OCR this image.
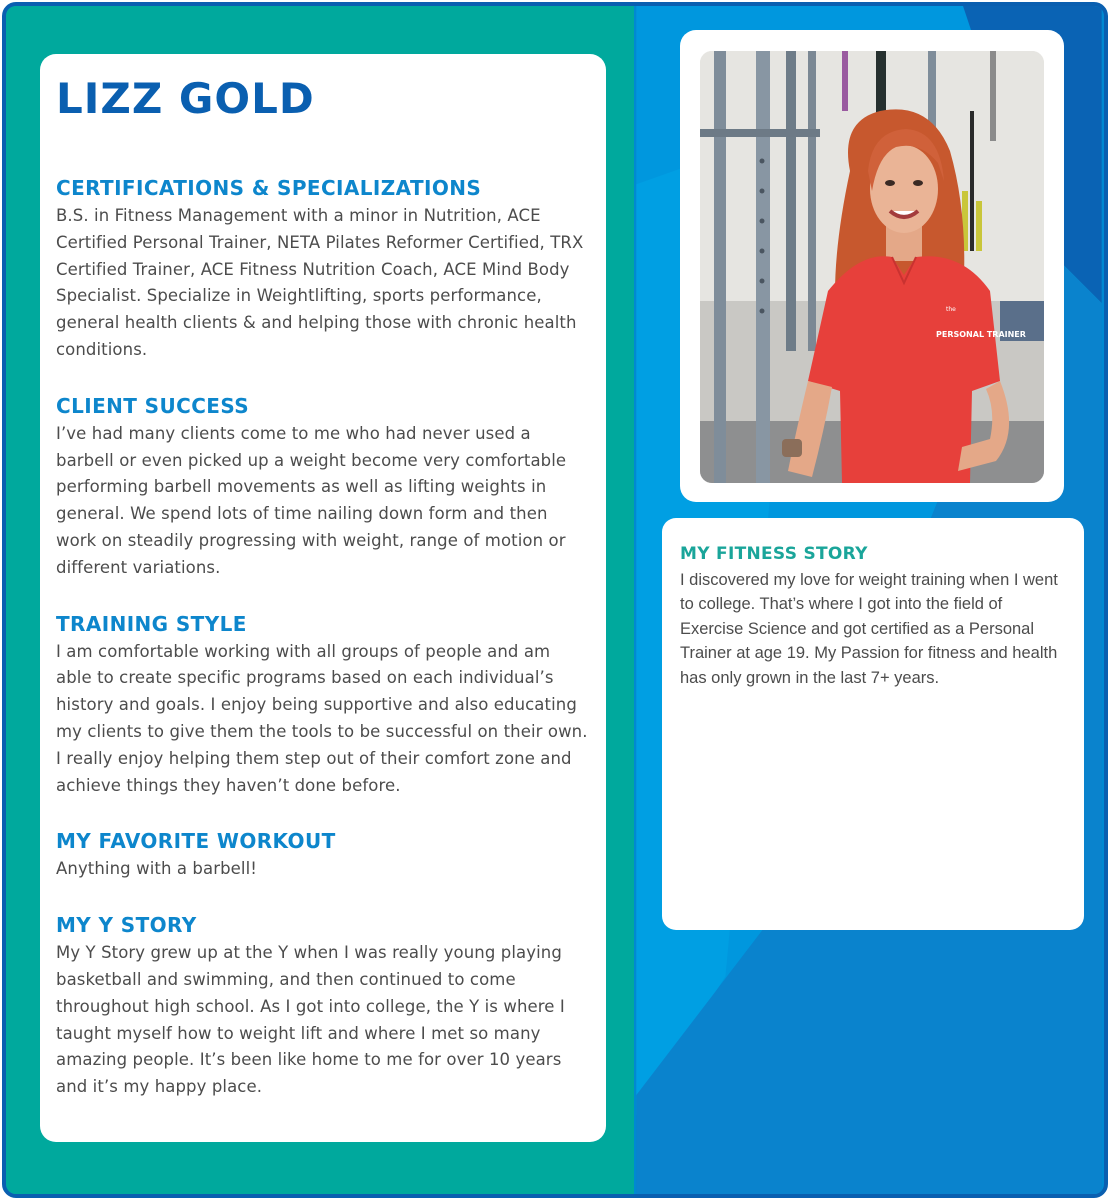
LIZZ GOLD
CERTIFICATIONS & SPECIALIZATIONS

B.S. in Fitness Management with a minor in Nutrition, ACE Certified Personal Trainer, NETA Pilates Reformer Certified, TRX Certified Trainer, ACE Fitness Nutrition Coach, ACE Mind Body Specialist. Specialize in Weightlifting, sports performance, general health clients & and helping those with chronic health conditions.

CLIENT SUCCESS

I’ve had many clients come to me who had never used a barbell or even picked up a weight become very comfortable performing barbell movements as well as lifting weights in general. We spend lots of time nailing down form and then work on steadily progressing with weight, range of motion or different variations.

TRAINING STYLE

I am comfortable working with all groups of people and am able to create specific programs based on each individual’s history and goals. I enjoy being supportive and also educating my clients to give them the tools to be successful on their own. I really enjoy helping them step out of their comfort zone and achieve things they haven’t done before.

MY FAVORITE WORKOUT

Anything with a barbell!

MY Y STORY

My Y Story grew up at the Y when I was really young playing basketball and swimming, and then continued to come throughout high school. As I got into college, the Y is where I taught myself how to weight lift and where I met so many amazing people. It’s been like home to me for over 10 years and it’s my happy place.

the
PERSONAL TRAINER
MY FITNESS STORY

I discovered my love for weight training when I went to college. That’s where I got into the field of Exercise Science and got certified as a Personal Trainer at age 19. My Passion for fitness and health has only grown in the last 7+ years.
